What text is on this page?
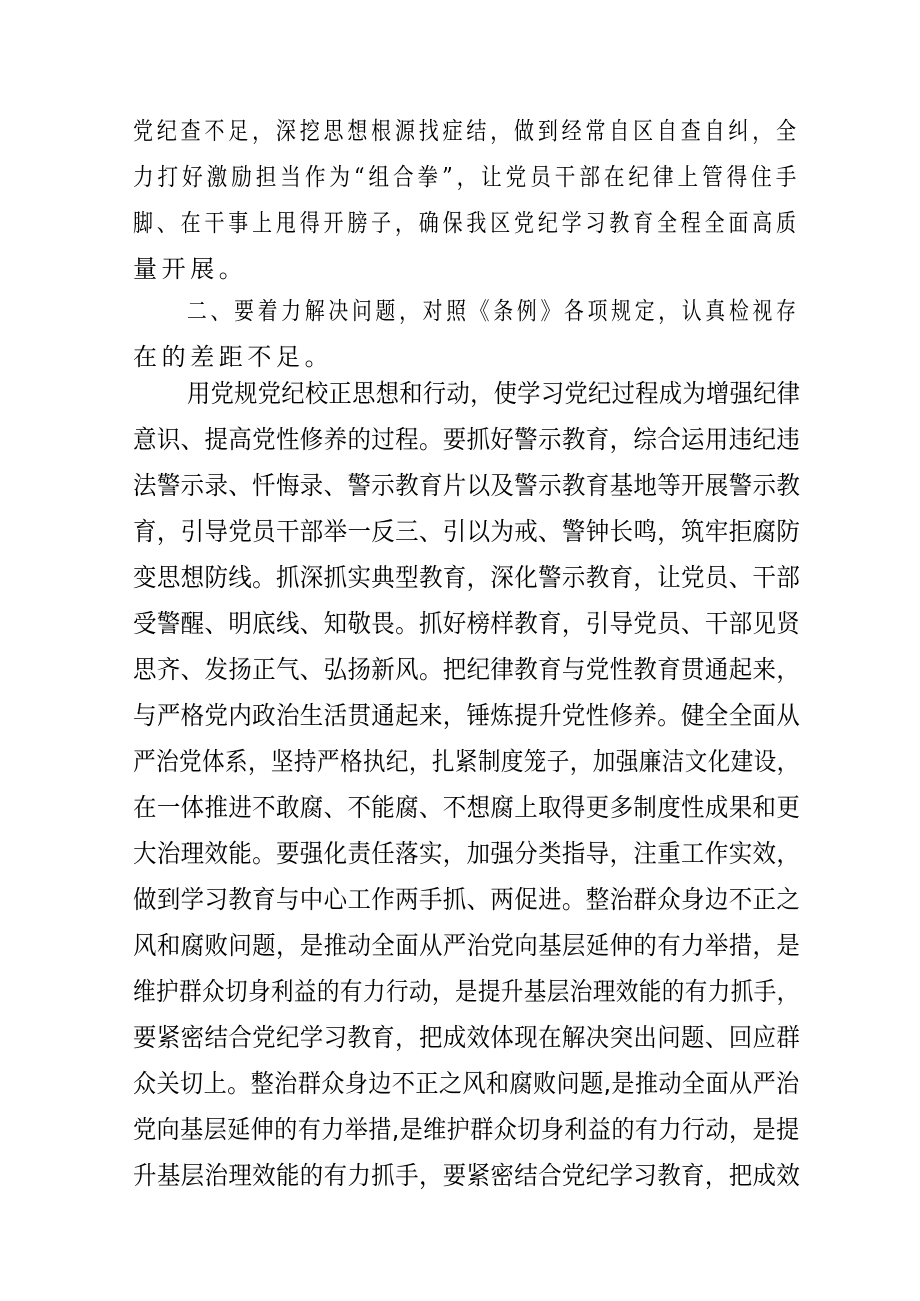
党纪查不足，深挖思想根源找症结，做到经常自区自查自纠，全
力打好激励担当作为“组合拳”，让党员干部在纪律上管得住手
脚、在干事上甩得开膀子，确保我区党纪学习教育全程全面高质
量开展。
二、要着力解决问题，对照《条例》各项规定，认真检视存
在的差距不足。
用党规党纪校正思想和行动，使学习党纪过程成为增强纪律
意识、提高党性修养的过程。要抓好警示教育，综合运用违纪违
法警示录、忏悔录、警示教育片以及警示教育基地等开展警示教
育，引导党员干部举一反三、引以为戒、警钟长鸣，筑牢拒腐防
变思想防线。抓深抓实典型教育，深化警示教育，让党员、干部
受警醒、明底线、知敬畏。抓好榜样教育，引导党员、干部见贤
思齐、发扬正气、弘扬新风。把纪律教育与党性教育贯通起来，
与严格党内政治生活贯通起来，锤炼提升党性修养。健全全面从
严治党体系，坚持严格执纪，扎紧制度笼子，加强廉洁文化建设，
在一体推进不敢腐、不能腐、不想腐上取得更多制度性成果和更
大治理效能。要强化责任落实，加强分类指导，注重工作实效，
做到学习教育与中心工作两手抓、两促进。整治群众身边不正之
风和腐败问题，是推动全面从严治党向基层延伸的有力举措，是
维护群众切身利益的有力行动，是提升基层治理效能的有力抓手，
要紧密结合党纪学习教育，把成效体现在解决突出问题、回应群
众关切上。整治群众身边不正之风和腐败问题,是推动全面从严治
党向基层延伸的有力举措,是维护群众切身利益的有力行动，是提
升基层治理效能的有力抓手，要紧密结合党纪学习教育，把成效
